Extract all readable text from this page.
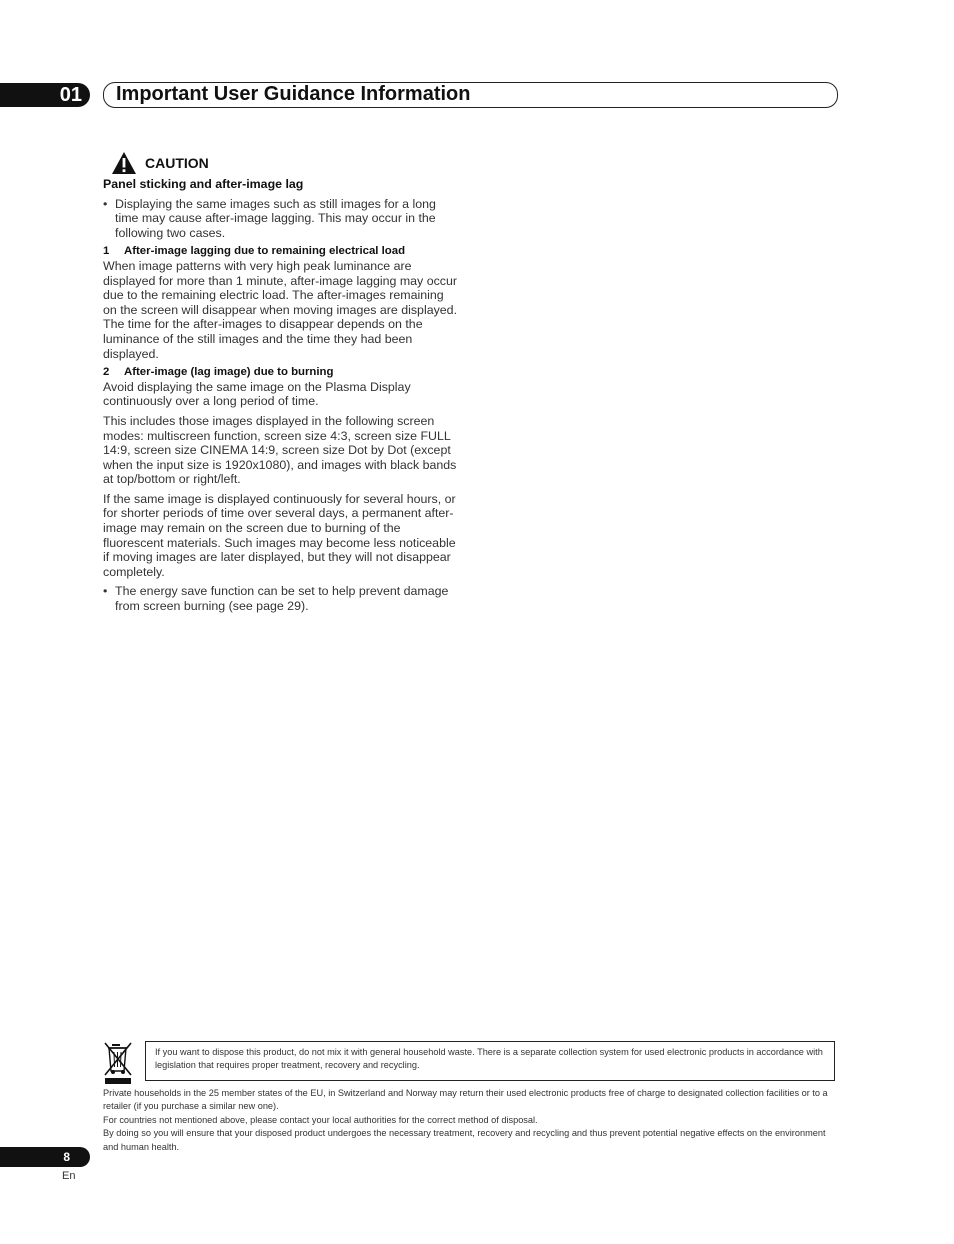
01 Important User Guidance Information
CAUTION
Panel sticking and after-image lag
• Displaying the same images such as still images for a long time may cause after-image lagging. This may occur in the following two cases.
1 After-image lagging due to remaining electrical load

When image patterns with very high peak luminance are displayed for more than 1 minute, after-image lagging may occur due to the remaining electric load. The after-images remaining on the screen will disappear when moving images are displayed. The time for the after-images to disappear depends on the luminance of the still images and the time they had been displayed.

2 After-image (lag image) due to burning

Avoid displaying the same image on the Plasma Display continuously over a long period of time.

This includes those images displayed in the following screen modes: multiscreen function, screen size 4:3, screen size FULL 14:9, screen size CINEMA 14:9, screen size Dot by Dot (except when the input size is 1920x1080), and images with black bands at top/bottom or right/left.

If the same image is displayed continuously for several hours, or for shorter periods of time over several days, a permanent after-image may remain on the screen due to burning of the fluorescent materials. Such images may become less noticeable if moving images are later displayed, but they will not disappear completely.

• The energy save function can be set to help prevent damage from screen burning (see page 29).
If you want to dispose this product, do not mix it with general household waste. There is a separate collection system for used electronic products in accordance with legislation that requires proper treatment, recovery and recycling.
Private households in the 25 member states of the EU, in Switzerland and Norway may return their used electronic products free of charge to designated collection facilities or to a retailer (if you purchase a similar new one).
For countries not mentioned above, please contact your local authorities for the correct method of disposal.
By doing so you will ensure that your disposed product undergoes the necessary treatment, recovery and recycling and thus prevent potential negative effects on the environment and human health.
8
En
